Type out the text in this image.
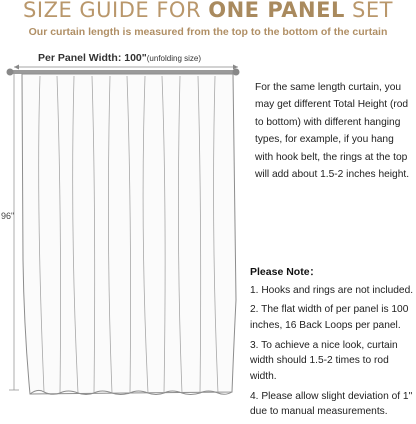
SIZE GUIDE FOR ONE PANEL SET
Our curtain length is measured from the top to the bottom of the curtain
Per Panel Width: 100"(unfolding size)
96"
For the same length curtain, you may get different Total Height (rod to bottom) with different hanging types, for example, if you hang with hook belt, the rings at the top will add about 1.5-2 inches height.
Please Note：
1. Hooks and rings are not included.
2. The flat width of per panel is 100 inches, 16 Back Loops per panel.
3. To achieve a nice look, curtain width should 1.5-2 times to rod width.
4. Please allow slight deviation of 1" due to manual measurements.
